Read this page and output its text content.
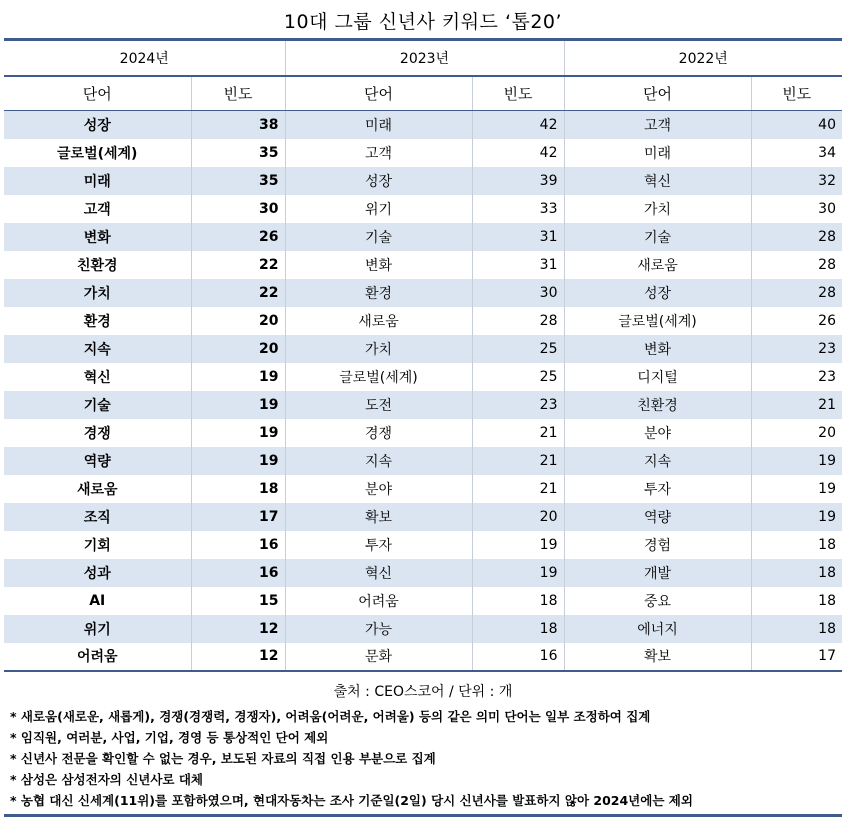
10대 그룹 신년사 키워드 ‘톱20’
2024년		2023년		2022년	
단어	빈도	단어	빈도	단어	빈도
성장	38	미래	42	고객	40
글로벌(세계)	35	고객	42	미래	34
미래	35	성장	39	혁신	32
고객	30	위기	33	가치	30
변화	26	기술	31	기술	28
친환경	22	변화	31	새로움	28
가치	22	환경	30	성장	28
환경	20	새로움	28	글로벌(세계)	26
지속	20	가치	25	변화	23
혁신	19	글로벌(세계)	25	디지털	23
기술	19	도전	23	친환경	21
경쟁	19	경쟁	21	분야	20
역량	19	지속	21	지속	19
새로움	18	분야	21	투자	19
조직	17	확보	20	역량	19
기회	16	투자	19	경험	18
성과	16	혁신	19	개발	18
AI	15	어려움	18	중요	18
위기	12	가능	18	에너지	18
어려움	12	문화	16	확보	17
출처 : CEO스코어 / 단위 : 개
* 새로움(새로운, 새롭게), 경쟁(경쟁력, 경쟁자), 어려움(어려운, 어려울) 등의 같은 의미 단어는 일부 조정하여 집계
* 임직원, 여러분, 사업, 기업, 경영 등 통상적인 단어 제외
* 신년사 전문을 확인할 수 없는 경우, 보도된 자료의 직접 인용 부분으로 집계
* 삼성은 삼성전자의 신년사로 대체
* 농협 대신 신세계(11위)를 포함하였으며, 현대자동차는 조사 기준일(2일) 당시 신년사를 발표하지 않아 2024년에는 제외
